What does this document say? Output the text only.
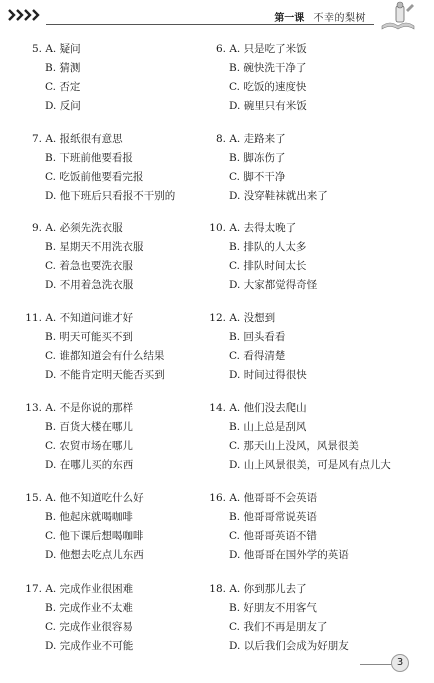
第一课 不幸的梨树
5. A. 疑问
B. 猜测
C. 否定
D. 反问
6. A. 只是吃了米饭
B. 碗快洗干净了
C. 吃饭的速度快
D. 碗里只有米饭
7. A. 报纸很有意思
B. 下班前他要看报
C. 吃饭前他要看完报
D. 他下班后只看报不干别的
8. A. 走路来了
B. 脚冻伤了
C. 脚不干净
D. 没穿鞋袜就出来了
9. A. 必须先洗衣服
B. 星期天不用洗衣服
C. 着急也要洗衣服
D. 不用着急洗衣服
10. A. 去得太晚了
B. 排队的人太多
C. 排队时间太长
D. 大家都觉得奇怪
11. A. 不知道问谁才好
B. 明天可能买不到
C. 谁都知道会有什么结果
D. 不能肯定明天能否买到
12. A. 没想到
B. 回头看看
C. 看得清楚
D. 时间过得很快
13. A. 不是你说的那样
B. 百货大楼在哪儿
C. 农贸市场在哪儿
D. 在哪儿买的东西
14. A. 他们没去爬山
B. 山上总是刮风
C. 那天山上没风，风景很美
D. 山上风景很美，可是风有点儿大
15. A. 他不知道吃什么好
B. 他起床就喝咖啡
C. 他下课后想喝咖啡
D. 他想去吃点儿东西
16. A. 他哥哥不会英语
B. 他哥哥常说英语
C. 他哥哥英语不错
D. 他哥哥在国外学的英语
17. A. 完成作业很困难
B. 完成作业不太难
C. 完成作业很容易
D. 完成作业不可能
18. A. 你到那儿去了
B. 好朋友不用客气
C. 我们不再是朋友了
D. 以后我们会成为好朋友
3
